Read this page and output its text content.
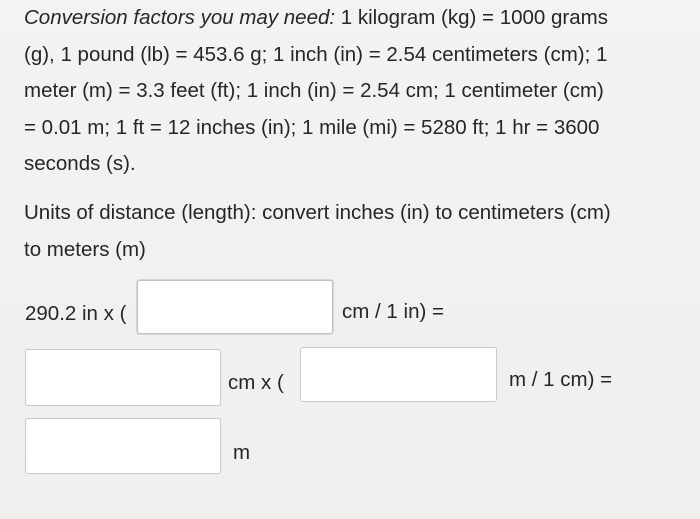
Conversion factors you may need: 1 kilogram (kg) = 1000 grams
(g), 1 pound (lb) = 453.6 g; 1 inch (in) = 2.54 centimeters (cm); 1
meter (m) = 3.3 feet (ft); 1 inch (in) = 2.54 cm; 1 centimeter (cm)
= 0.01 m; 1 ft = 12 inches (in); 1 mile (mi) = 5280 ft; 1 hr = 3600
seconds (s).

Units of distance (length): convert inches (in) to centimeters (cm)
to meters (m)

290.2 in x (	cm / 1 in) =
cm x (	m / 1 cm) =
m
